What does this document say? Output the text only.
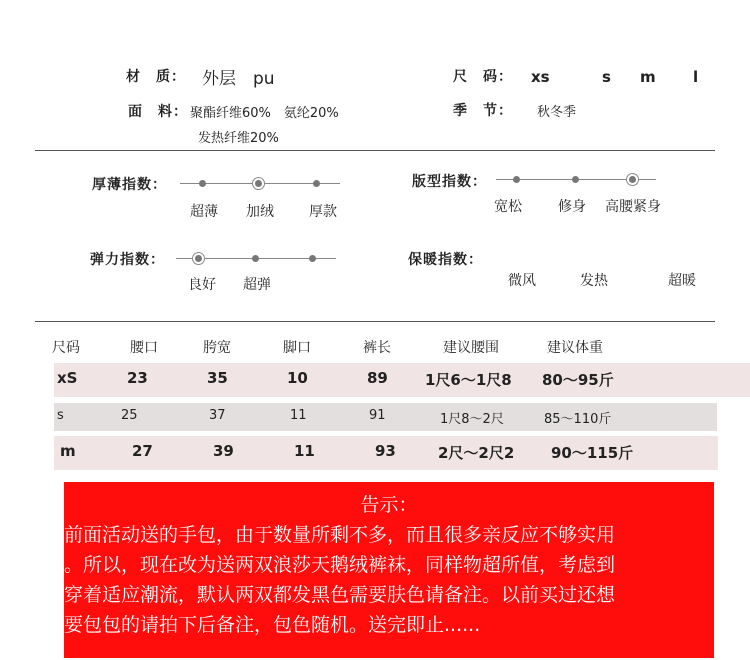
材　质： 外层　pu
面　料： 聚酯纤维60%　氨纶20%
发热纤维20%
尺　码： xs	s m l
季　节： 秋冬季
厚薄指数：
超薄 加绒	厚款
版型指数：
宽松	修身 高腰紧身
弹力指数：
良好 超弹
保暖指数：
微风	发热	超暖
尺码	腰口	胯宽	脚口	裤长	建议腰围	建议体重
xS	23	35	10	89 1尺6～1尺8 80～95斤
s	25	37	11	91	1尺8～2尺	85～110斤
m	27	39	11	93	2尺～2尺2 90～115斤
告示：
前面活动送的手包，由于数量所剩不多，而且很多亲反应不够实用
。所以，现在改为送两双浪莎天鹅绒裤袜，同样物超所值，考虑到
穿着适应潮流，默认两双都发黑色需要肤色请备注。以前买过还想
要包包的请拍下后备注，包色随机。送完即止......
